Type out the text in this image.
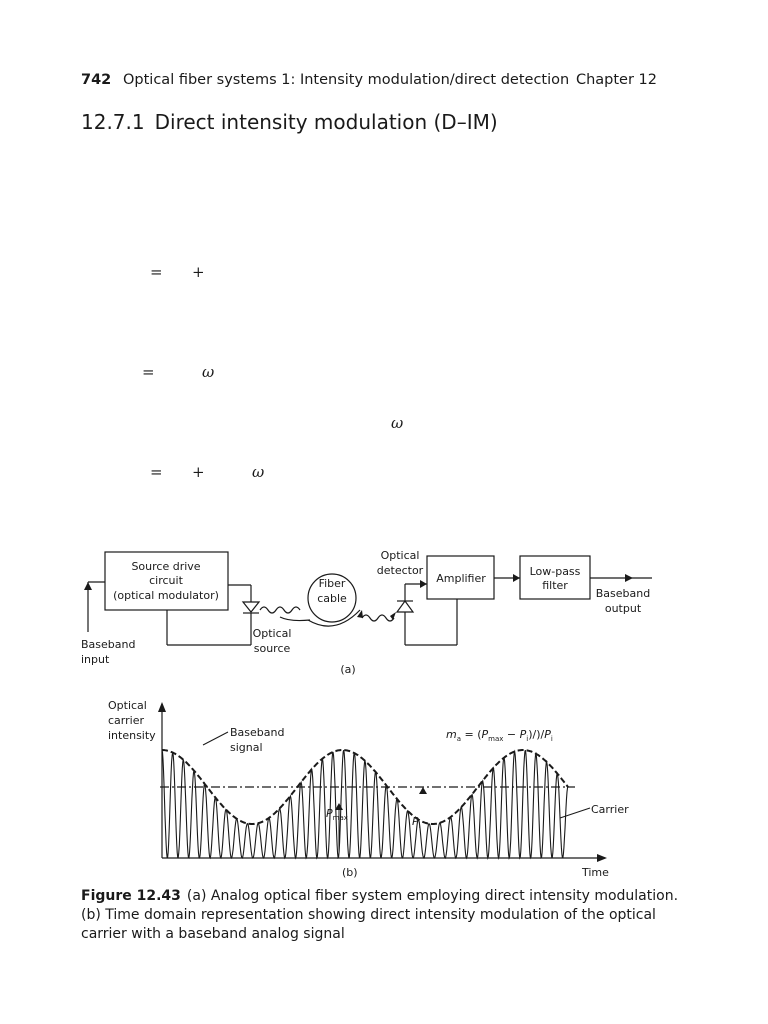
742 Optical fiber systems 1: Intensity modulation/direct detection Chapter 12
12.7.1 Direct intensity modulation (D–IM)
= +
=	ω
ω
= +	ω
Source drive
circuit
(optical modulator)
Fiber
cable
Optical
detector
Amplifier
Low-pass
filter
Baseband
output
Optical
source
(a)
Baseband
input
Optical
carrier
intensity	Baseband
signal
Carrier
Time
(b)
$m_a = (P_{max} - P_i)/)/P_i$
$P_{max}$	$P_i$
Figure 12.43 (a) Analog optical fiber system employing direct intensity modulation. (b) Time domain representation showing direct intensity modulation of the optical carrier with a baseband analog signal
